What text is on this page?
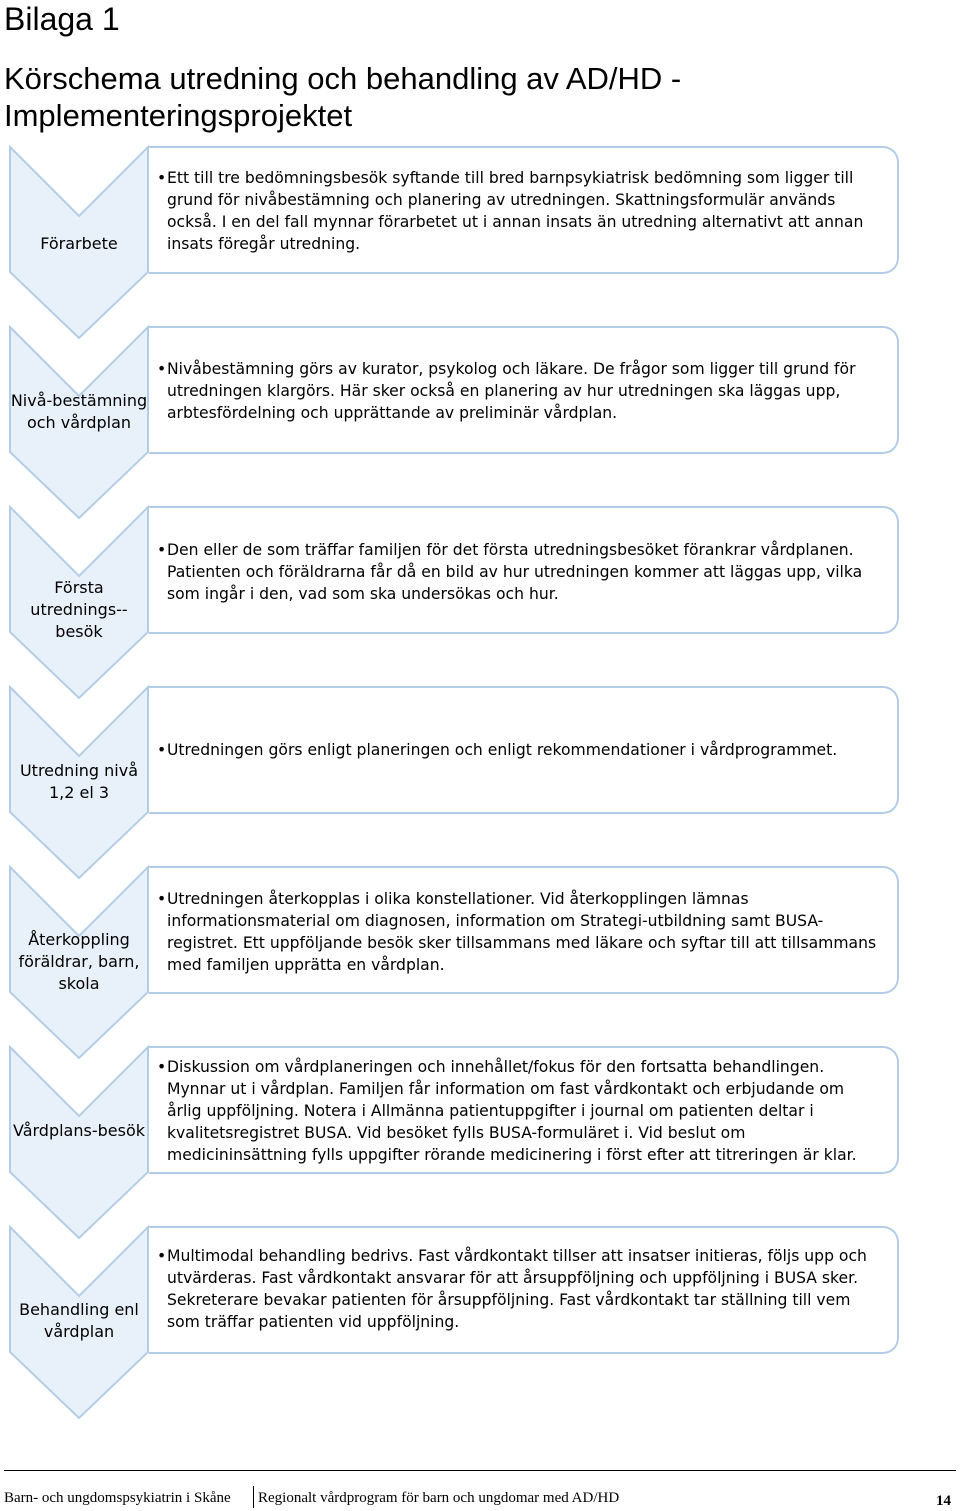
Bilaga 1
Körschema utredning och behandling av AD/HD - Implementeringsprojektet
Förarbete
• Ett till tre bedömningsbesök syftande till bred barnpsykiatrisk bedömning som ligger till grund för nivåbestämning och planering av utredningen. Skattningsformulär används också. I en del fall mynnar förarbetet ut i annan insats än utredning alternativt att annan insats föregår utredning.
Nivå-bestämning och vårdplan
• Nivåbestämning görs av kurator, psykolog och läkare. De frågor som ligger till grund för utredningen klargörs. Här sker också en planering av hur utredningen ska läggas upp, arbtesfördelning och upprättande av preliminär vårdplan.
Första utrednings--besök
• Den eller de som träffar familjen för det första utredningsbesöket förankrar vårdplanen. Patienten och föräldrarna får då en bild av hur utredningen kommer att läggas upp, vilka som ingår i den, vad som ska undersökas och hur.
Utredning nivå 1,2 el 3
• Utredningen görs enligt planeringen och enligt rekommendationer i vårdprogrammet.
Återkoppling föräldrar, barn, skola
• Utredningen återkopplas i olika konstellationer. Vid återkopplingen lämnas informationsmaterial om diagnosen, information om Strategi-utbildning samt BUSA-registret. Ett uppföljande besök sker tillsammans med läkare och syftar till att tillsammans med familjen upprätta en vårdplan.
Vårdplans-besök
• Diskussion om vårdplaneringen och innehållet/fokus för den fortsatta behandlingen. Mynnar ut i vårdplan. Familjen får information om fast vårdkontakt och erbjudande om årlig uppföljning. Notera i Allmänna patientuppgifter i journal om patienten deltar i kvalitetsregistret BUSA. Vid besöket fylls BUSA-formuläret i. Vid beslut om medicininsättning fylls uppgifter rörande medicinering i först efter att titreringen är klar.
Behandling enl vårdplan
• Multimodal behandling bedrivs. Fast vårdkontakt tillser att insatser initieras, följs upp och utvärderas. Fast vårdkontakt ansvarar för att årsuppföljning och uppföljning i BUSA sker. Sekreterare bevakar patienten för årsuppföljning. Fast vårdkontakt tar ställning till vem som träffar patienten vid uppföljning.
Barn- och ungdomspsykiatrin i Skåne Regionalt vårdprogram för barn och ungdomar med AD/HD	14
